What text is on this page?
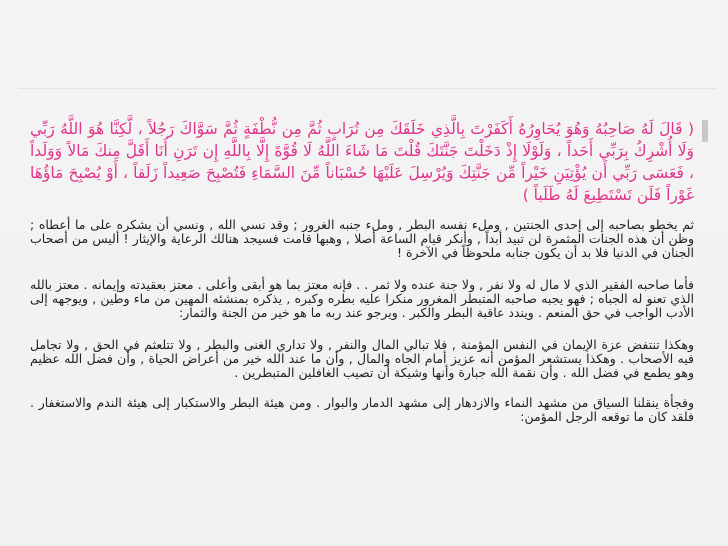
( قَالَ لَهُ صَاحِبُهُ وَهُوَ يُحَاوِرُهُ أَكَفَرْتَ بِالَّذِي خَلَقَكَ مِن تُرَابٍ ثُمَّ مِن نُّطْفَةٍ ثُمَّ سَوَّاكَ رَجُلاً ، لَّكِنَّا هُوَ اللَّهُ رَبِّي وَلَا أُشْرِكُ بِرَبِّي أَحَداً ، وَلَوْلَا إِذْ دَخَلْتَ جَنَّتَكَ قُلْتَ مَا شَاءَ اللَّهُ لَا قُوَّةَ إِلَّا بِاللَّهِ إِن تَرَنِ أَنَا أَقَلَّ مِنكَ مَالاً وَوَلَداً ، فَعَسَى رَبِّي أَن يُؤْتِيَنِ خَيْراً مِّن جَنَّتِكَ وَيُرْسِلَ عَلَيْهَا حُسْبَاناً مِّنَ السَّمَاءِ فَتُصْبِحَ صَعِيداً زَلَقاً ، أَوْ يُصْبِحَ مَاؤُهَا غَوْراً فَلَن تَسْتَطِيعَ لَهُ طَلَباً )

ثم يخطو بصاحبه إلى إحدى الجنتين , وملء نفسه البطر , وملء جنبه الغرور ; وقد نسي الله , ونسي أن يشكره على ما أعطاه ; وظن أن هذه الجنات المثمرة لن تبيد أبداً , وأنكر قيام الساعة أصلا , وهبها قامت فسيجد هنالك الرعاية والإيثار ! أليس من أصحاب الجنان في الدنيا فلا بد أن يكون جنابه ملحوظاً في الآخرة !

فأما صاحبه الفقير الذي لا مال له ولا نفر , ولا جنة عنده ولا ثمر . . فإنه معتز بما هو أبقى وأعلى . معتز بعقيدته وإيمانه . معتز بالله الذي تعنو له الجباه ; فهو يجبه صاحبه المتبطر المغرور منكرا عليه بطره وكبره , يذكره بمنشئه المهين من ماء وطين , ويوجهه إلى الأدب الواجب في حق المنعم . ويندد عاقبة البطر والكبر . ويرجو عند ربه ما هو خير من الجنة والثمار:

وهكذا تنتفض عزة الإيمان في النفس المؤمنة , فلا تبالي المال والنفر , ولا تداري الغنى والبطر , ولا تتلعثم في الحق , ولا تجامل فيه الأصحاب . وهكذا يستشعر المؤمن أنه عزيز أمام الجاه والمال , وأن ما عند الله خير من أعراض الحياة , وأن فضل الله عظيم وهو يطمع في فضل الله . وأن نقمة الله جبارة وأنها وشيكة أن تصيب الغافلين المتبطرين .

وفجأة ينقلنا السياق من مشهد النماء والازدهار إلى مشهد الدمار والبوار . ومن هيئة البطر والاستكبار إلى هيئة الندم والاستغفار . فلقد كان ما توقعه الرجل المؤمن:
